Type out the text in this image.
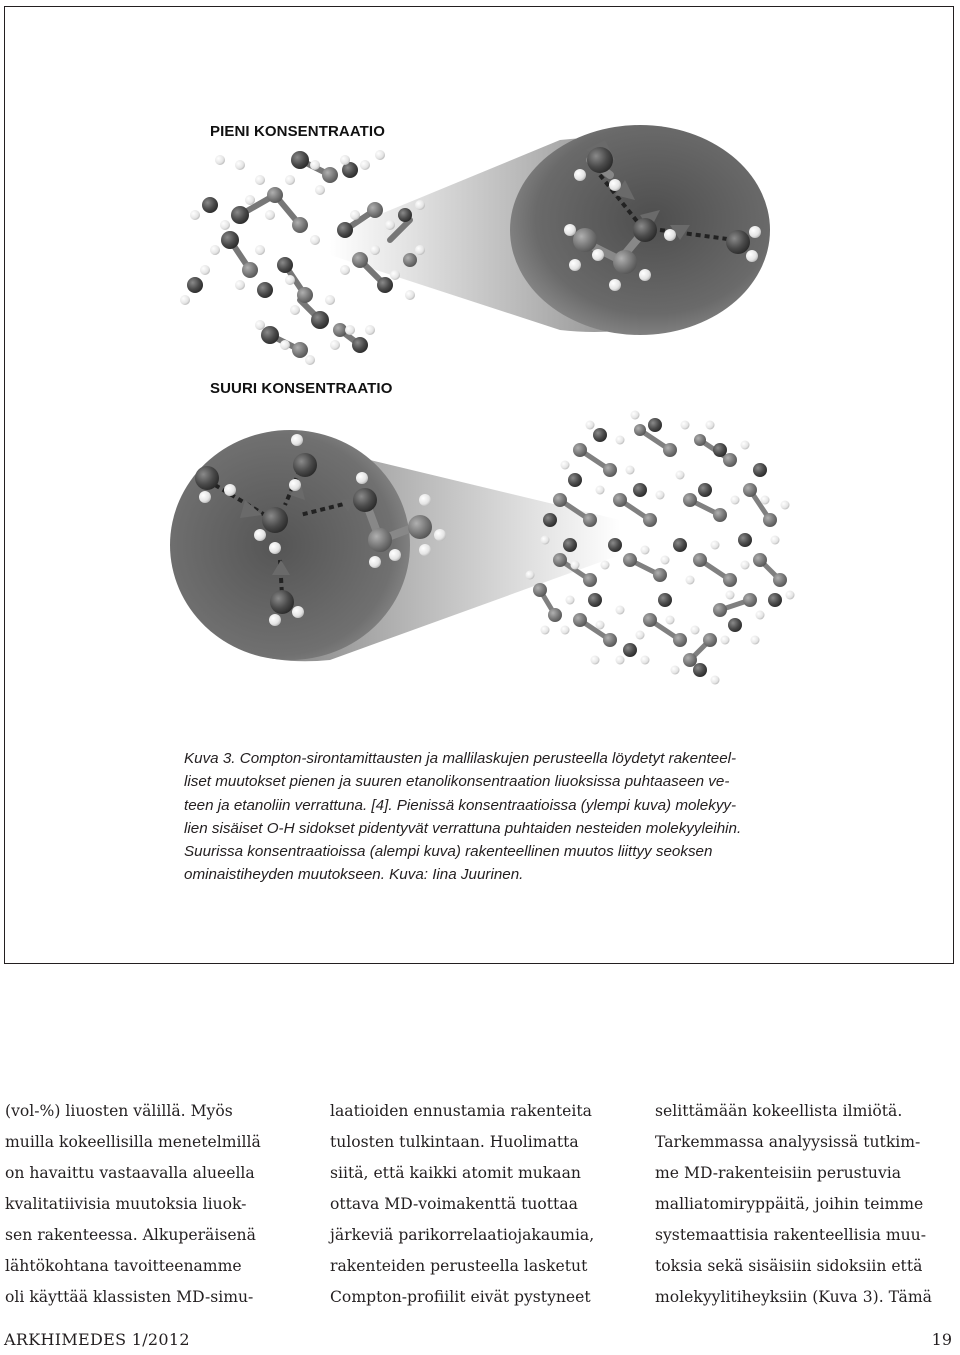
PIENI KONSENTRAATIO
SUURI KONSENTRAATIO
Kuva 3. Compton-sirontamittausten ja mallilaskujen perusteella löydetyt rakenteel-
liset muutokset pienen ja suuren etanolikonsentraation liuoksissa puhtaaseen ve-
teen ja etanoliin verrattuna. [4]. Pienissä konsentraatioissa (ylempi kuva) molekyy-
lien sisäiset O-H sidokset pidentyvät verrattuna puhtaiden nesteiden molekyyleihin.
Suurissa konsentraatioissa (alempi kuva) rakenteellinen muutos liittyy seoksen
ominaistiheyden muutokseen. Kuva: Iina Juurinen.
(vol-%) liuosten välillä. Myös
muilla kokeellisilla menetelmillä
on havaittu vastaavalla alueella
kvalitatiivisia muutoksia liuok-
sen rakenteessa. Alkuperäisenä
lähtökohtana tavoitteenamme
oli käyttää klassisten MD-simu-
laatioiden ennustamia rakenteita
tulosten tulkintaan. Huolimatta
siitä, että kaikki atomit mukaan
ottava MD-voimakenttä tuottaa
järkeviä parikorrelaatiojakaumia,
rakenteiden perusteella lasketut
Compton-profiilit eivät pystyneet
selittämään kokeellista ilmiötä.
Tarkemmassa analyysissä tutkim-
me MD-rakenteisiin perustuvia
malliatomiryppäitä, joihin teimme
systemaattisia rakenteellisia muu-
toksia sekä sisäisiin sidoksiin että
molekyylitiheyksiin (Kuva 3). Tämä
ARKHIMEDES 1/2012	19
